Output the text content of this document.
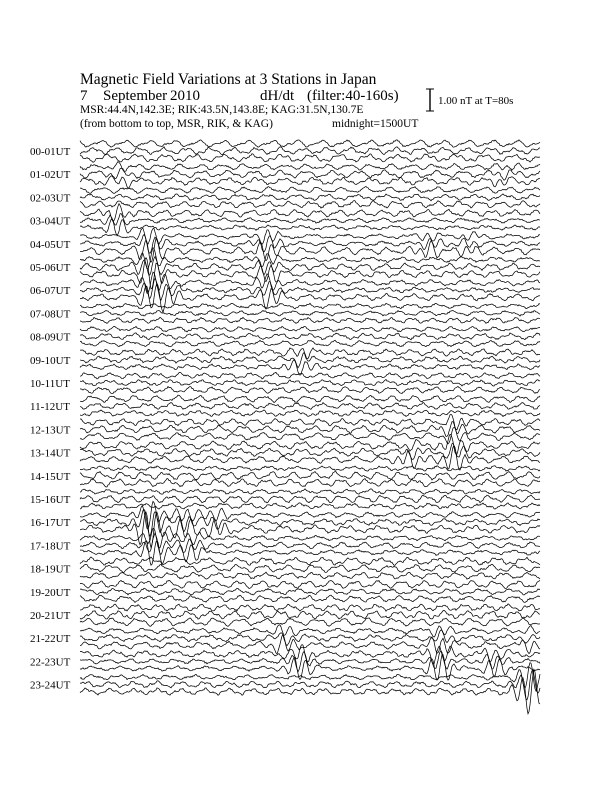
Magnetic Field Variations at 3 Stations in Japan
7 September 2010	dH/dt (filter:40-160s)
MSR:44.4N,142.3E; RIK:43.5N,143.8E; KAG:31.5N,130.7E
(from bottom to top, MSR, RIK, & KAG)	midnight=1500UT
1.00 nT at T=80s
00-01UT
01-02UT
02-03UT
03-04UT
04-05UT
05-06UT
06-07UT
07-08UT
08-09UT
09-10UT
10-11UT
11-12UT
12-13UT
13-14UT
14-15UT
15-16UT
16-17UT
17-18UT
18-19UT
19-20UT
20-21UT
21-22UT
22-23UT
23-24UT
